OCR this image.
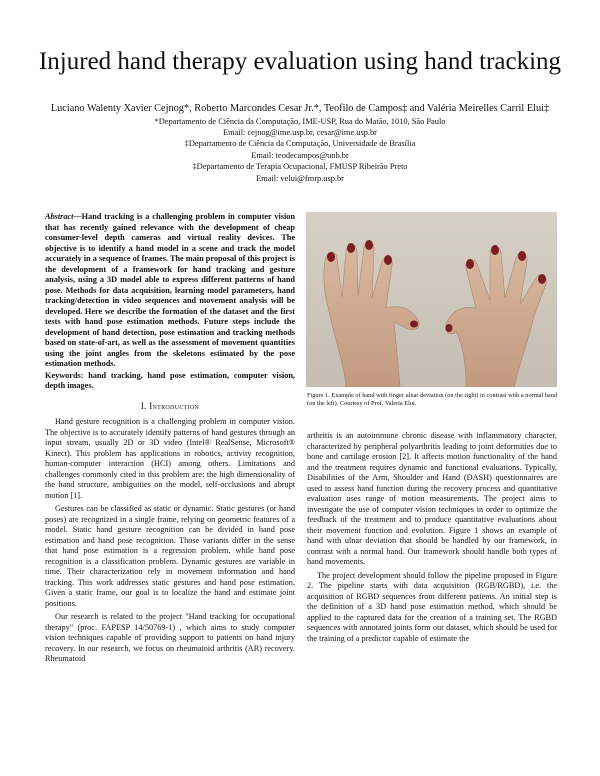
Injured hand therapy evaluation using hand tracking
Luciano Walenty Xavier Cejnog*, Roberto Marcondes Cesar Jr.*, Teofilo de Campos‡ and Valéria Meirelles Carril Elui‡
*Departamento de Ciência da Computação, IME-USP, Rua do Matão, 1010, São Paulo
Email: cejnog@ime.usp.br, cesar@ime.usp.br
‡Departamento de Ciência da Computação, Universidade de Brasília
Email: teodecampos@unb.br
‡Departamento de Terapia Ocupacional, FMUSP Ribeirão Preto
Email: velui@fmrp.usp.br
Abstract—Hand tracking is a challenging problem in computer vision that has recently gained relevance with the development of cheap consumer-level depth cameras and virtual reality devices. The objective is to identify a hand model in a scene and track the model accurately in a sequence of frames. The main proposal of this project is the development of a framework for hand tracking and gesture analysis, using a 3D model able to express different patterns of hand pose. Methods for data acquisition, learning model parameters, hand tracking/detection in video sequences and movement analysis will be developed. Here we describe the formation of the dataset and the first tests with hand pose estimation methods. Future steps include the development of hand detection, pose estimation and tracking methods based on state-of-art, as well as the assessment of movement quantities using the joint angles from the skeletons estimated by the pose estimation methods.
Keywords: hand tracking, hand pose estimation, computer vision, depth images.
I. Introduction

Hand gesture recognition is a challenging problem in computer vision. The objective is to accurately identify patterns of hand gestures through an input stream, usually 2D or 3D video (Intel® RealSense, Microsoft® Kinect). This problem has applications in robotics, activity recognition, human-computer interaction (HCI) among others. Limitations and challenges commonly cited in this problem are: the high dimensionality of the hand structure, ambiguities on the model, self-occlusions and abrupt motion [1].

Gestures can be classified as static or dynamic. Static gestures (or hand poses) are recognized in a single frame, relying on geometric features of a model. Static hand gesture recognition can be divided in hand pose estimation and hand pose recognition. Those variants differ in the sense that hand pose estimation is a regression problem, while hand pose recognition is a classification problem. Dynamic gestures are variable in time. Their characterization rely in movement information and hand tracking. This work addresses static gestures and hand pose estimation. Given a static frame, our goal is to localize the hand and estimate joint positions.

Our research is related to the project "Hand tracking for occupational therapy" (proc. FAPESP 14/50769-1) , which aims to study computer vision techniques capable of providing support to patients on hand injury recovery. In our research, we focus on rheumatoid arthritis (AR) recovery. Rheumatoid

Figure 1. Example of hand with finger ulnar deviation (on the right) in contrast with a normal hand (on the left). Courtesy of Prof. Valeria Elui.

arthritis is an autoimmune chronic disease with inflammatory character, characterized by peripheral polyarthritis leading to joint deformities due to bone and cartilage erosion [2]. It affects motion functionality of the hand and the treatment requires dynamic and functional evaluations. Typically, Disabilities of the Arm, Shoulder and Hand (DASH) questionnaires are used to assess hand function during the recovery process and quantitative evaluation uses range of motion measurements. The project aims to investigate the use of computer vision techniques in order to optimize the feedback of the treatment and to produce quantitative evaluations about their movement function and evolution. Figure 1 shows an example of hand with ulnar deviation that should be handled by our framework, in contrast with a normal hand. Our framework should handle both types of hand movements.

The project development should follow the pipeline proposed in Figure 2. The pipeline starts with data acquisition (RGB/RGBD), i.e. the acquisition of RGBD sequences from different patients. An initial step is the definition of a 3D hand pose estimation method, which should be applied to the captured data for the creation of a training set. The RGBD sequences with annotated joints form our dataset, which should be used for the training of a predictor capable of estimate the
